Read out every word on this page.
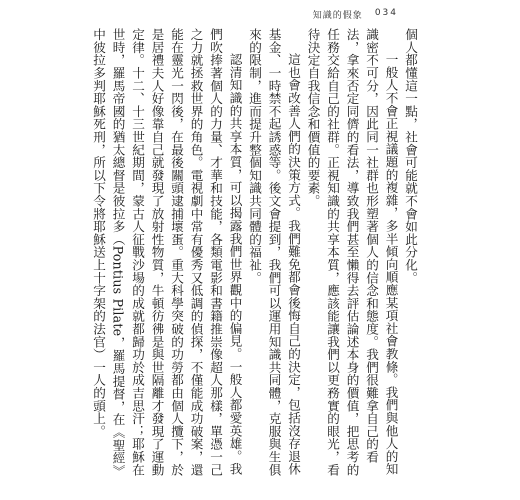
知識的假象 034

個人都懂這一點，社會可能就不會如此分化。

一般人不會正視議題的複雜，多半傾向順應某項社會教條。我們與他人的知識密不可分，因此同一社群也形塑著個人的信念和態度。我們很難拿自己的看法，拿來否定同儕的看法，導致我們甚至懶得去評估論述本身的價值，把思考的任務交給自己的社群。正視知識的共享本質，應該能讓我們以更務實的眼光，看待決定自我信念和價值的要素。

這也會改善人們的決策方式。我們難免都會後悔自己的決定，包括沒存退休基金、一時禁不起誘惑等。後文會提到，我們可以運用知識共同體，克服與生俱來的限制，進而提升整個知識共同體的福祉。

認清知識的共享本質，可以揭露我們世界觀中的偏見。一般人都愛英雄。我們吹捧著個人的力量、才華和技能，各類電影和書籍推崇像超人那樣，單憑一己之力就拯救世界的角色。電視劇中常有優秀又低調的偵探，不僅能成功破案，還能在靈光一閃後，在最後關頭逮捕壞蛋。重大科學突破的功勞都由個人攬下，於是居禮夫人好像靠自己就發現了放射性物質，牛頓彷彿是與世隔離才發現了運動定律。十二、十三世紀期間，蒙古人征戰沙場的成就都歸功於成吉思汗；耶穌在世時，羅馬帝國的猶太總督是彼拉多（Pontius Pilate，羅馬提督，在《聖經》中彼拉多判耶穌死刑，所以下令將耶穌送上十字架的法官）一人的頭上。
